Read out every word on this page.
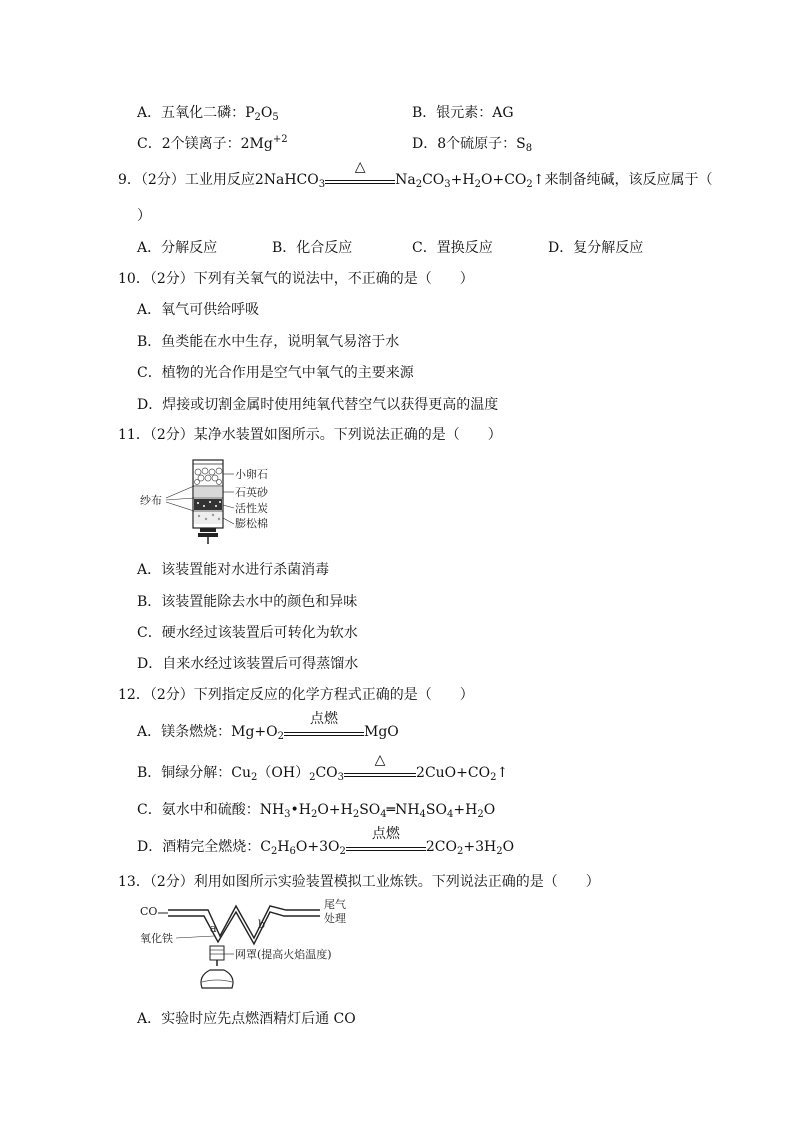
A．五氧化二磷：$P_2O_5$	B．银元素：AG
C．2个镁离子：$2Mg^{+2}$	D．8个硫原子：$S_8$
9．（2分）工业用反应2NaHCO$_3$
△
$Na_2CO_3+H_2O+CO_2↑$来制备纯碱，该反应属于（
）
A．分解反应	B．化合反应	C．置换反应	D．复分解反应
10．（2分）下列有关氧气的说法中，不正确的是（　　）
A．氧气可供给呼吸
B．鱼类能在水中生存，说明氧气易溶于水
C．植物的光合作用是空气中氧气的主要来源
D．焊接或切割金属时使用纯氧代替空气以获得更高的温度
11．（2分）某净水装置如图所示。下列说法正确的是（　　）
纱布
小卵石
石英砂
活性炭
膨松棉
A．该装置能对水进行杀菌消毒
B．该装置能除去水中的颜色和异味
C．硬水经过该装置后可转化为软水
D．自来水经过该装置后可得蒸馏水
12．（2分）下列指定反应的化学方程式正确的是（　　）
A．镁条燃烧：$Mg+O_2$
点燃
MgO
B．铜绿分解：$Cu_2(OH)_2CO_3$
△
$2CuO+CO_2↑$
C．氨水中和硫酸：$NH_3•H_2O+H_2SO_4═NH_4SO_4+H_2O$
D．酒精完全燃烧：$C_2H_6O+3O_2$
点燃
$2CO_2+3H_2O$
13．（2分）利用如图所示实验装置模拟工业炼铁。下列说法正确的是（　　）
CO
a	b
尾气
处理
氧化铁
网罩(提高火焰温度)
A．实验时应先点燃酒精灯后通 CO
